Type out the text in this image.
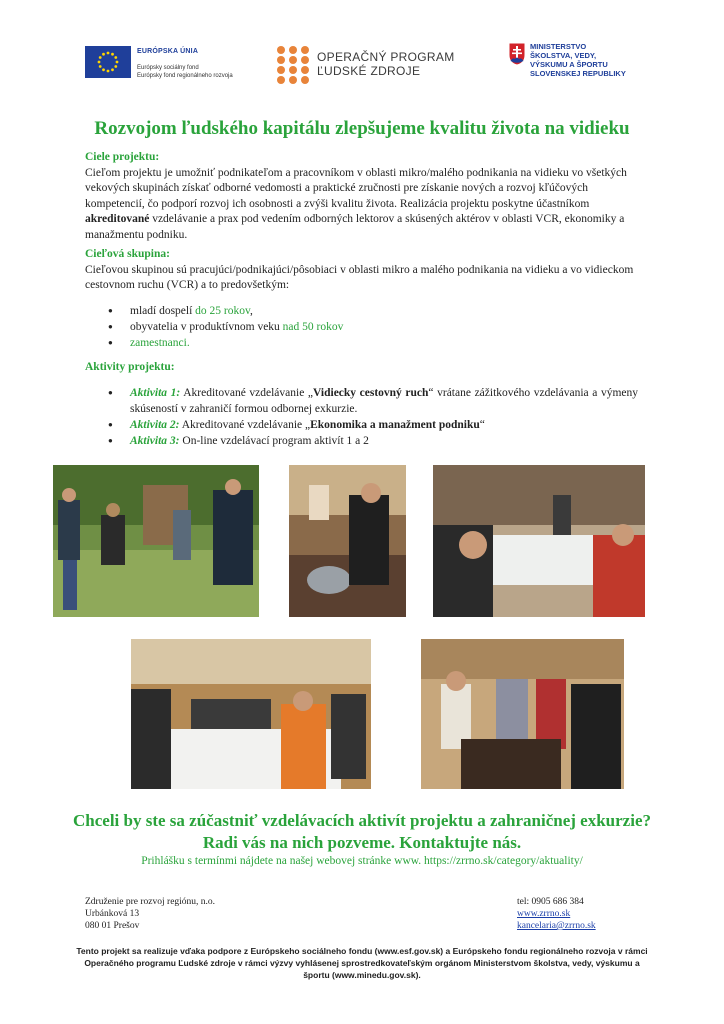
EURÓPSKA ÚNIA
Európsky sociálny fond
Európsky fond regionálneho rozvoja
OPERAČNÝ PROGRAM
ĽUDSKÉ ZDROJE
MINISTERSTVO
ŠKOLSTVA, VEDY,
VÝSKUMU A ŠPORTU
SLOVENSKEJ REPUBLIKY
Rozvojom ľudského kapitálu zlepšujeme kvalitu života na vidieku

Ciele projektu:

Cieľom projektu je umožniť podnikateľom a pracovníkom v oblasti mikro/malého podnikania na vidieku vo všetkých vekových skupinách získať odborné vedomosti a praktické zručnosti pre získanie nových a rozvoj kľúčových kompetencií, čo podporí rozvoj ich osobnosti a zvýši kvalitu života. Realizácia projektu poskytne účastníkom akreditované vzdelávanie a prax pod vedením odborných lektorov a skúsených aktérov v oblasti VCR, ekonomiky a manažmentu podniku.

Cieľová skupina:

Cieľovou skupinou sú pracujúci/podnikajúci/pôsobiaci v oblasti mikro a malého podnikania na vidieku a vo vidieckom cestovnom ruchu (VCR) a to predovšetkým:

● mladí dospelí do 25 rokov,
● obyvatelia v produktívnom veku nad 50 rokov
● zamestnanci.

Aktivity projektu:

● Aktivita 1: Akreditované vzdelávanie „Vidiecky cestovný ruch“ vrátane zážitkového vzdelávania a výmeny skúseností v zahraničí formou odbornej exkurzie.
● Aktivita 2: Akreditované vzdelávanie „Ekonomika a manažment podniku“
● Aktivita 3: On-line vzdelávací program aktivít 1 a 2
Chceli by ste sa zúčastniť vzdelávacích aktivít projektu a zahraničnej exkurzie?
Radi vás na nich pozveme. Kontaktujte nás.
Prihlášku s termínmi nájdete na našej webovej stránke www. https://zrrno.sk/category/aktuality/
Združenie pre rozvoj regiónu, n.o.
Urbánková 13
080 01 Prešov
tel: 0905 686 384
www.zrrno.sk
kancelaria@zrrno.sk
Tento projekt sa realizuje vďaka podpore z Európskeho sociálneho fondu (www.esf.gov.sk) a Európskeho fondu regionálneho rozvoja v rámci Operačného programu Ľudské zdroje v rámci výzvy vyhlásenej sprostredkovateľským orgánom Ministerstvom školstva, vedy, výskumu a športu (www.minedu.gov.sk).
